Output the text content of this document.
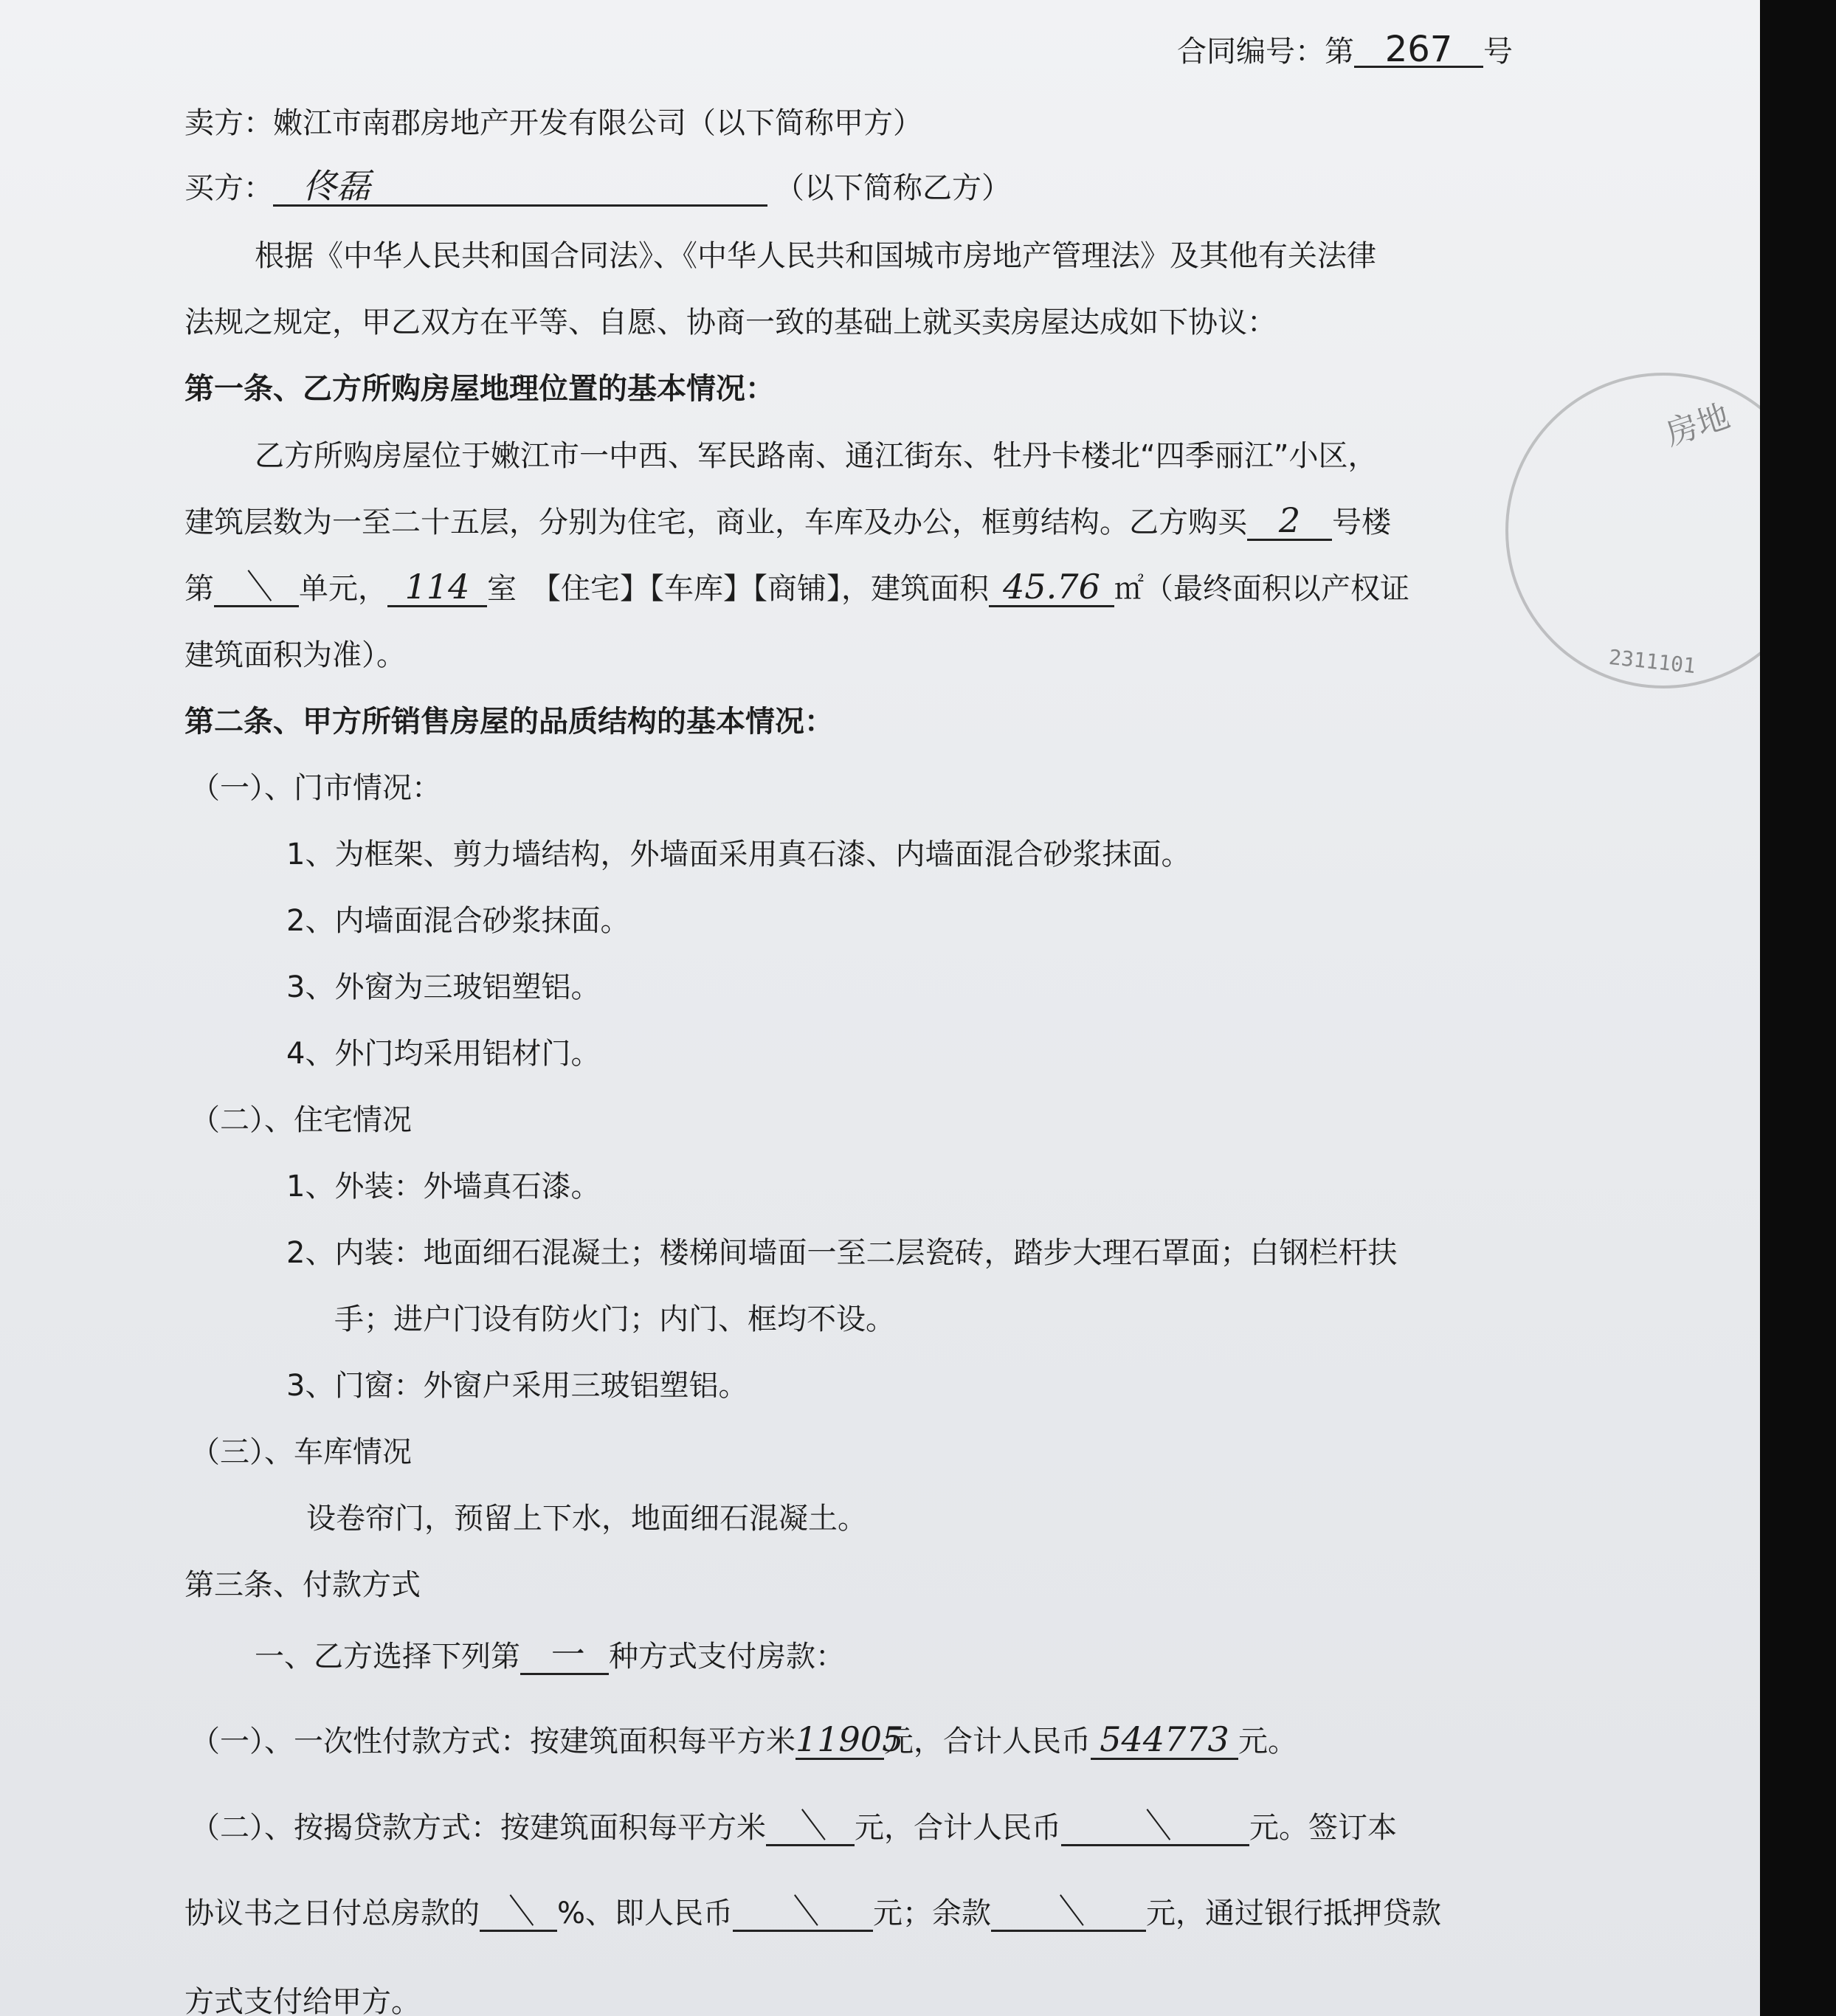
合同编号：第 267 号
卖方：嫩江市南郡房地产开发有限公司（以下简称甲方）
买方： 佟磊	（以下简称乙方）
根据《中华人民共和国合同法》、《中华人民共和国城市房地产管理法》及其他有关法律
法规之规定，甲乙双方在平等、自愿、协商一致的基础上就买卖房屋达成如下协议：
第一条、乙方所购房屋地理位置的基本情况：
乙方所购房屋位于嫩江市一中西、军民路南、通江街东、牡丹卡楼北“四季丽江”小区，
建筑层数为一至二十五层，分别为住宅，商业，车库及办公，框剪结构。乙方购买 2 号楼
第 ＼ 单元， 114 室　【住宅】【车库】【商铺】，建筑面积 45.76 ㎡（最终面积以产权证
建筑面积为准）。
第二条、甲方所销售房屋的品质结构的基本情况：
（一）、门市情况：
1、为框架、剪力墙结构，外墙面采用真石漆、内墙面混合砂浆抹面。
2、内墙面混合砂浆抹面。
3、外窗为三玻铝塑铝。
4、外门均采用铝材门。
（二）、住宅情况
1、外装：外墙真石漆。
2、内装：地面细石混凝土；楼梯间墙面一至二层瓷砖，踏步大理石罩面；白钢栏杆扶
手；进户门设有防火门；内门、框均不设。
3、门窗：外窗户采用三玻铝塑铝。
（三）、车库情况
设卷帘门，预留上下水，地面细石混凝土。
第三条、付款方式
一、乙方选择下列第 一 种方式支付房款：
（一）、一次性付款方式：按建筑面积每平方米11905元，合计人民币 544773 元。
（二）、按揭贷款方式：按建筑面积每平方米 ＼ 元，合计人民币 ＼	元。签订本
协议书之日付总房款的 ＼ %、即人民币 ＼ 元；余款 ＼ 元，通过银行抵押贷款
方式支付给甲方。
房地
2311101
